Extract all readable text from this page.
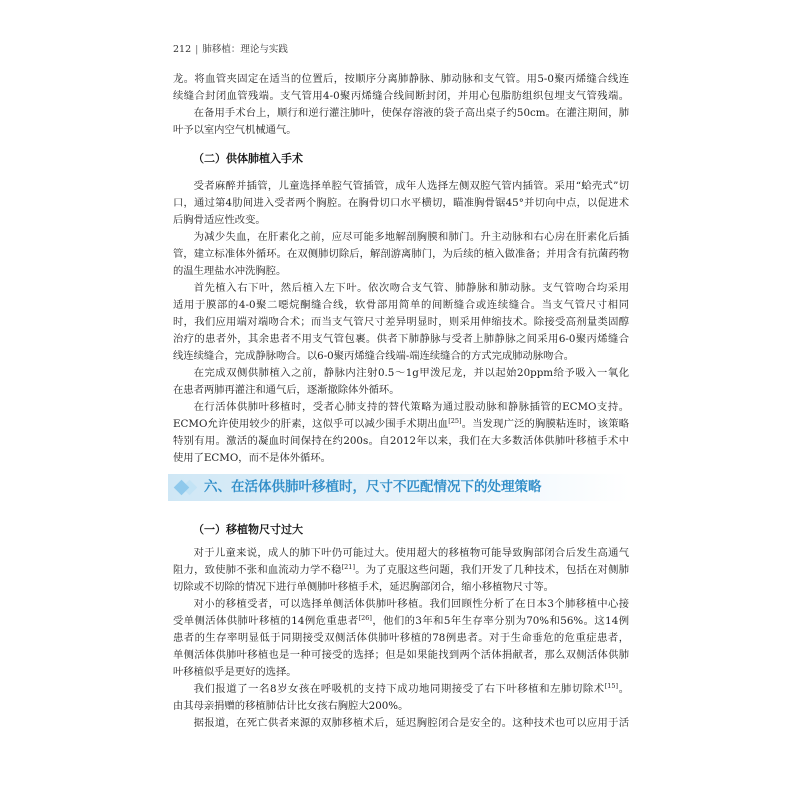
212 | 肺移植：理论与实践
龙。将血管夹固定在适当的位置后，按顺序分离肺静脉、肺动脉和支气管。用5-0聚丙烯缝合线连
续缝合封闭血管残端。支气管用4-0聚丙烯缝合线间断封闭，并用心包脂肪组织包埋支气管残端。
在备用手术台上，顺行和逆行灌注肺叶，使保存溶液的袋子高出桌子约50cm。在灌注期间，肺
叶予以室内空气机械通气。
（二）供体肺植入手术
受者麻醉并插管，儿童选择单腔气管插管，成年人选择左侧双腔气管内插管。采用“蛤壳式”切
口，通过第4肋间进入受者两个胸腔。在胸骨切口水平横切，瞄准胸骨锯45°并切向中点，以促进术
后胸骨适应性改变。
为减少失血，在肝素化之前，应尽可能多地解剖胸膜和肺门。升主动脉和右心房在肝素化后插
管，建立标准体外循环。在双侧肺切除后，解剖游离肺门，为后续的植入做准备；并用含有抗菌药物
的温生理盐水冲洗胸腔。
首先植入右下叶，然后植入左下叶。依次吻合支气管、肺静脉和肺动脉。支气管吻合均采用
适用于膜部的4-0聚二噁烷酮缝合线，软骨部用简单的间断缝合或连续缝合。当支气管尺寸相同
时，我们应用端对端吻合术；而当支气管尺寸差异明显时，则采用伸缩技术。除接受高剂量类固醇
治疗的患者外，其余患者不用支气管包裹。供者下肺静脉与受者上肺静脉之间采用6-0聚丙烯缝合
线连续缝合，完成静脉吻合。以6-0聚丙烯缝合线端-端连续缝合的方式完成肺动脉吻合。
在完成双侧供肺植入之前，静脉内注射0.5～1g甲泼尼龙，并以起始20ppm给予吸入一氧化
在患者两肺再灌注和通气后，逐渐撤除体外循环。
在行活体供肺叶移植时，受者心肺支持的替代策略为通过股动脉和静脉插管的ECMO支持。
ECMO允许使用较少的肝素，这似乎可以减少围手术期出血[25]。当发现广泛的胸膜粘连时，该策略
特别有用。激活的凝血时间保持在约200s。自2012年以来，我们在大多数活体供肺叶移植手术中
使用了ECMO，而不是体外循环。
六、在活体供肺叶移植时，尺寸不匹配情况下的处理策略
（一）移植物尺寸过大
对于儿童来说，成人的肺下叶仍可能过大。使用超大的移植物可能导致胸部闭合后发生高通气
阻力，致使肺不张和血流动力学不稳[21]。为了克服这些问题，我们开发了几种技术，包括在对侧肺
切除或不切除的情况下进行单侧肺叶移植手术，延迟胸部闭合，缩小移植物尺寸等。
对小的移植受者，可以选择单侧活体供肺叶移植。我们回顾性分析了在日本3个肺移植中心接
受单侧活体供肺叶移植的14例危重患者[26]，他们的3年和5年生存率分别为70%和56%。这14例
患者的生存率明显低于同期接受双侧活体供肺叶移植的78例患者。对于生命垂危的危重症患者，
单侧活体供肺叶移植也是一种可接受的选择；但是如果能找到两个活体捐献者，那么双侧活体供肺
叶移植似乎是更好的选择。
我们报道了一名8岁女孩在呼吸机的支持下成功地同期接受了右下叶移植和左肺切除术[15]。
由其母亲捐赠的移植肺估计比女孩右胸腔大200%。
据报道，在死亡供者来源的双肺移植术后，延迟胸腔闭合是安全的。这种技术也可以应用于活
